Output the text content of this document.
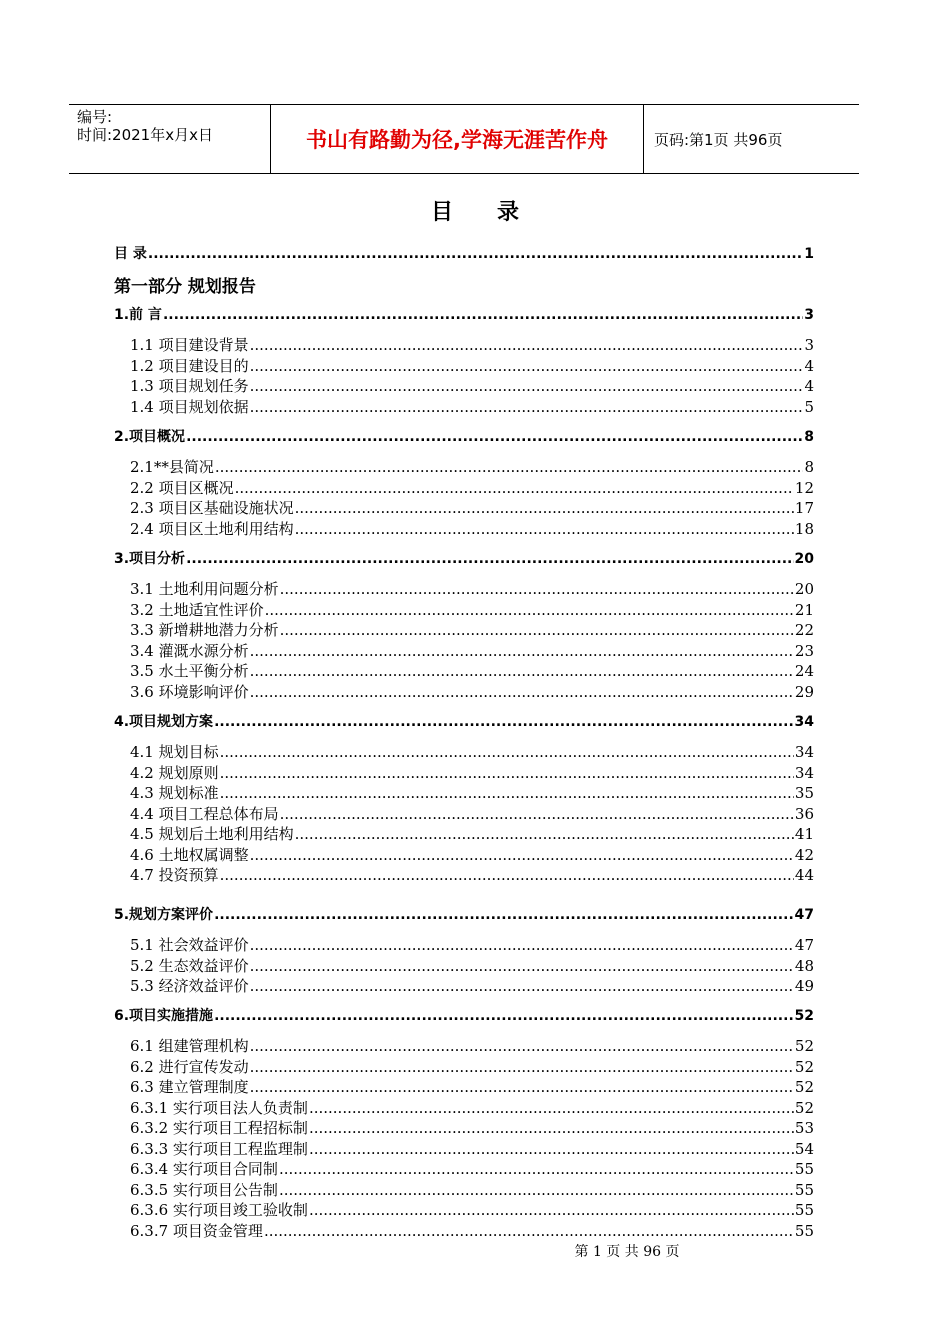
编号:
时间:2021年x月x日	书山有路勤为径,学海无涯苦作舟	页码:第1页 共96页
目 录
第一部分 规划报告
目 录 .....	1
1.前 言 .....	3
1.1 项目建设背景 .....	3
1.2 项目建设目的 .....	4
1.3 项目规划任务 .....	4
1.4 项目规划依据 .....	5
2.项目概况 .....	8
2.1**县简况 .....	8
2.2 项目区概况 .....	12
2.3 项目区基础设施状况 .....	17
2.4 项目区土地利用结构 .....	18
3.项目分析 .....	20
3.1 土地利用问题分析 .....	20
3.2 土地适宜性评价 .....	21
3.3 新增耕地潜力分析 .....	22
3.4 灌溉水源分析 .....	23
3.5 水土平衡分析 .....	24
3.6 环境影响评价 .....	29
4.项目规划方案 .....	34
4.1 规划目标 .....	34
4.2 规划原则 .....	34
4.3 规划标准 .....	35
4.4 项目工程总体布局 .....	36
4.5 规划后土地利用结构 .....	41
4.6 土地权属调整 .....	42
4.7 投资预算 .....	44
5.规划方案评价 .....	47
5.1 社会效益评价 .....	47
5.2 生态效益评价 .....	48
5.3 经济效益评价 .....	49
6.项目实施措施 .....	52
6.1 组建管理机构 .....	52
6.2 进行宣传发动 .....	52
6.3 建立管理制度 .....	52
6.3.1 实行项目法人负责制 .....	52
6.3.2 实行项目工程招标制 .....	53
6.3.3 实行项目工程监理制 .....	54
6.3.4 实行项目合同制 .....	55
6.3.5 实行项目公告制 .....	55
6.3.6 实行项目竣工验收制 .....	55
6.3.7 项目资金管理 .....	55
第 1 页 共 96 页
